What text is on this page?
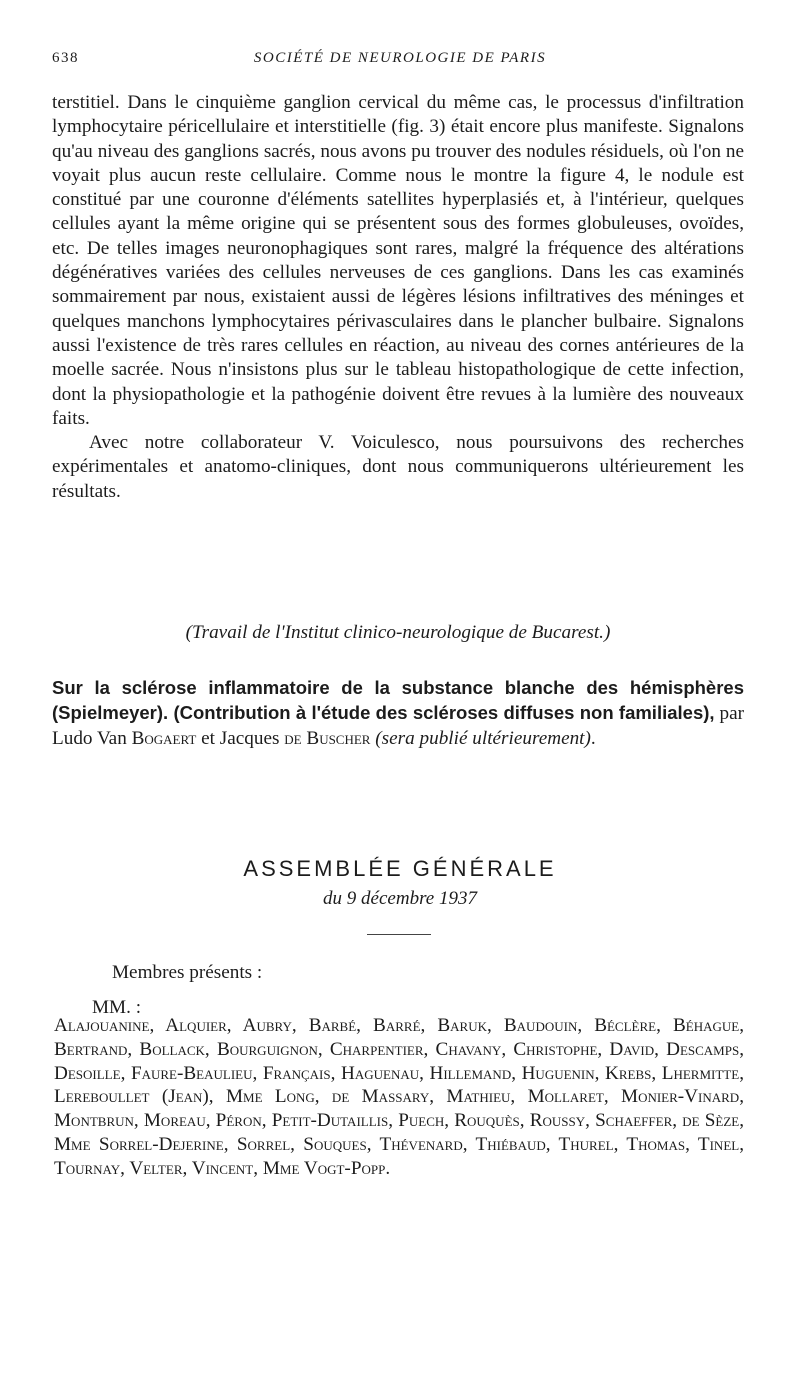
638	SOCIÉTÉ DE NEUROLOGIE DE PARIS

terstitiel. Dans le cinquième ganglion cervical du même cas, le processus d'infiltration lymphocytaire péricellulaire et interstitielle (fig. 3) était encore plus manifeste. Signalons qu'au niveau des ganglions sacrés, nous avons pu trouver des nodules résiduels, où l'on ne voyait plus aucun reste cellulaire. Comme nous le montre la figure 4, le nodule est constitué par une couronne d'éléments satellites hyperplasiés et, à l'intérieur, quelques cellules ayant la même origine qui se présentent sous des formes globuleuses, ovoïdes, etc. De telles images neuronophagiques sont rares, malgré la fréquence des altérations dégénératives variées des cellules nerveuses de ces ganglions. Dans les cas examinés sommairement par nous, existaient aussi de légères lésions infiltratives des méninges et quelques manchons lymphocytaires périvasculaires dans le plancher bulbaire. Signalons aussi l'existence de très rares cellules en réaction, au niveau des cornes antérieures de la moelle sacrée. Nous n'insistons plus sur le tableau histopathologique de cette infection, dont la physiopathologie et la pathogénie doivent être revues à la lumière des nouveaux faits.

Avec notre collaborateur V. Voiculesco, nous poursuivons des recherches expérimentales et anatomo-cliniques, dont nous communiquerons ultérieurement les résultats.

(Travail de l'Institut clinico-neurologique de Bucarest.)
Sur la sclérose inflammatoire de la substance blanche des hémisphères (Spielmeyer). (Contribution à l'étude des scléroses diffuses non familiales), par Ludo Van Bogaert et Jacques de Buscher (sera publié ultérieurement).
ASSEMBLÉE GÉNÉRALE
du 9 décembre 1937
Membres présents :
MM. :
Alajouanine, Alquier, Aubry, Barbé, Barré, Baruk, Baudouin, Béclère, Béhague, Bertrand, Bollack, Bourguignon, Charpentier, Chavany, Christophe, David, Descamps, Desoille, Faure-Beaulieu, Français, Haguenau, Hillemand, Huguenin, Krebs, Lhermitte, Lereboullet (Jean), Mme Long, de Massary, Mathieu, Mollaret, Monier-Vinard, Montbrun, Moreau, Péron, Petit-Dutaillis, Puech, Rouquès, Roussy, Schaeffer, de Sèze, Mme Sorrel-Dejerine, Sorrel, Souques, Thévenard, Thiébaud, Thurel, Thomas, Tinel, Tournay, Velter, Vincent, Mme Vogt-Popp.
